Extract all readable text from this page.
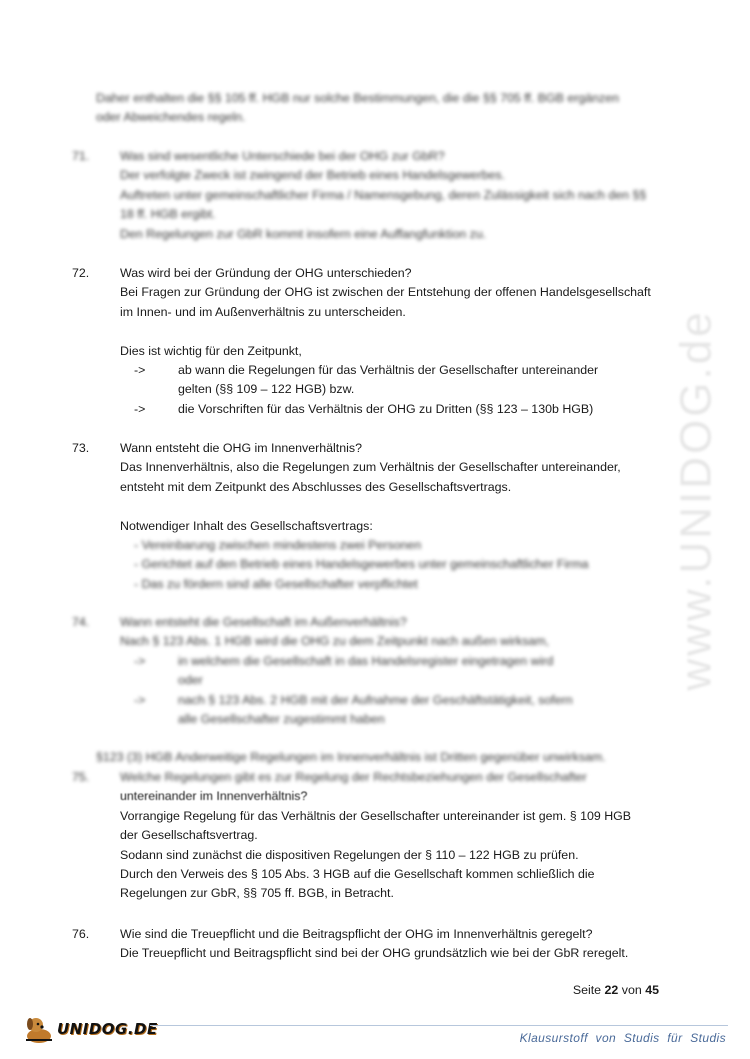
www.UNIDOG.de
Daher enthalten die §§ 105 ff. HGB nur solche Bestimmungen, die die §§ 705 ff. BGB ergänzen
oder Abweichendes regeln.
71. Was sind wesentliche Unterschiede bei der OHG zur GbR?
Der verfolgte Zweck ist zwingend der Betrieb eines Handelsgewerbes.
Auftreten unter gemeinschaftlicher Firma / Namensgebung, deren Zulässigkeit sich nach den §§
18 ff. HGB ergibt.
Den Regelungen zur GbR kommt insofern eine Auffangfunktion zu.
72. Was wird bei der Gründung der OHG unterschieden?
Bei Fragen zur Gründung der OHG ist zwischen der Entstehung der offenen Handelsgesellschaft
im Innen- und im Außenverhältnis zu unterscheiden.

Dies ist wichtig für den Zeitpunkt,
->	ab wann die Regelungen für das Verhältnis der Gesellschafter untereinander gelten (§§ 109 – 122 HGB) bzw.
->	die Vorschriften für das Verhältnis der OHG zu Dritten (§§ 123 – 130b HGB)
73. Wann entsteht die OHG im Innenverhältnis?
Das Innenverhältnis, also die Regelungen zum Verhältnis der Gesellschafter untereinander,
entsteht mit dem Zeitpunkt des Abschlusses des Gesellschaftsvertrags.

Notwendiger Inhalt des Gesellschaftsvertrags:
- Vereinbarung zwischen mindestens zwei Personen
- Gerichtet auf den Betrieb eines Handelsgewerbes unter gemeinschaftlicher Firma
- Das zu fördern sind alle Gesellschafter verpflichtet
74. Wann entsteht die Gesellschaft im Außenverhältnis?
Nach § 123 Abs. 1 HGB wird die OHG zu dem Zeitpunkt nach außen wirksam,
->	in welchem die Gesellschaft in das Handelsregister eingetragen wird
oder
->	nach § 123 Abs. 2 HGB mit der Aufnahme der Geschäftstätigkeit, sofern alle Gesellschafter zugestimmt haben
§123 (3) HGB Anderweitige Regelungen im Innenverhältnis ist Dritten gegenüber unwirksam.
75. Welche Regelungen gibt es zur Regelung der Rechtsbeziehungen der Gesellschafter
untereinander im Innenverhältnis?
Vorrangige Regelung für das Verhältnis der Gesellschafter untereinander ist gem. § 109 HGB
der Gesellschaftsvertrag.
Sodann sind zunächst die dispositiven Regelungen der § 110 – 122 HGB zu prüfen.
Durch den Verweis des § 105 Abs. 3 HGB auf die Gesellschaft kommen schließlich die
Regelungen zur GbR, §§ 705 ff. BGB, in Betracht.
76. Wie sind die Treuepflicht und die Beitragspflicht der OHG im Innenverhältnis geregelt?
Die Treuepflicht und Beitragspflicht sind bei der OHG grundsätzlich wie bei der GbR reregelt.
Seite 22 von 45
UNIDOG.DE	Klausurstoff von Studis für Studis
